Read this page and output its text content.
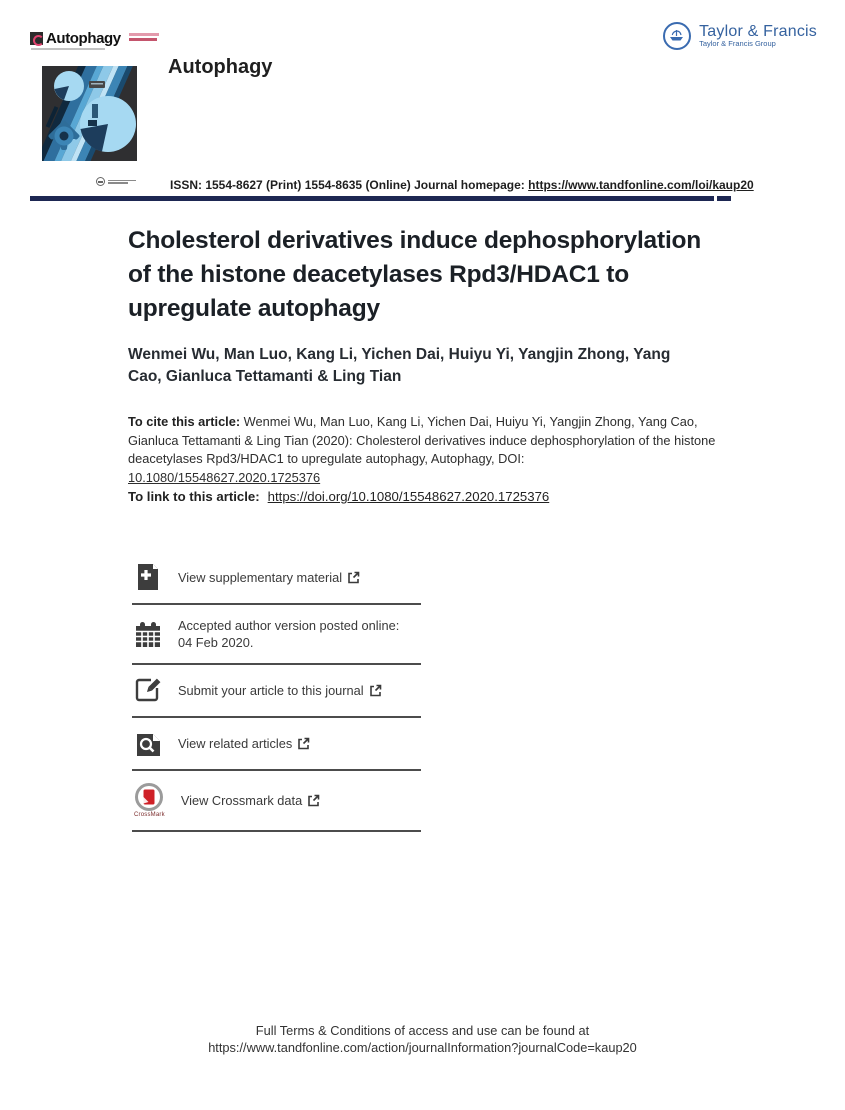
Autophagy	Taylor & Francis
Taylor & Francis Group
Autophagy
ISSN: 1554-8627 (Print) 1554-8635 (Online) Journal homepage: https://www.tandfonline.com/loi/kaup20
Cholesterol derivatives induce dephosphorylation of the histone deacetylases Rpd3/HDAC1 to upregulate autophagy
Wenmei Wu, Man Luo, Kang Li, Yichen Dai, Huiyu Yi, Yangjin Zhong, Yang Cao, Gianluca Tettamanti & Ling Tian

To cite this article: Wenmei Wu, Man Luo, Kang Li, Yichen Dai, Huiyu Yi, Yangjin Zhong, Yang Cao, Gianluca Tettamanti & Ling Tian (2020): Cholesterol derivatives induce dephosphorylation of the histone deacetylases Rpd3/HDAC1 to upregulate autophagy, Autophagy, DOI: 10.1080/15548627.2020.1725376

To link to this article: https://doi.org/10.1080/15548627.2020.1725376

View supplementary material
Accepted author version posted online: 04 Feb 2020.
Submit your article to this journal
View related articles
CrossMark
View Crossmark data
Full Terms & Conditions of access and use can be found at
https://www.tandfonline.com/action/journalInformation?journalCode=kaup20
